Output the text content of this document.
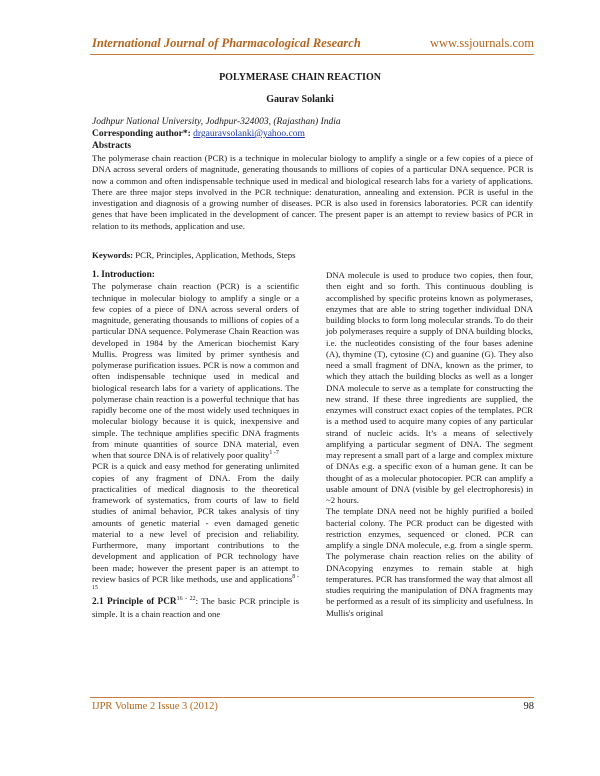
International Journal of Pharmacological Research	www.ssjournals.com
POLYMERASE CHAIN REACTION
Gaurav Solanki
Jodhpur National University, Jodhpur-324003, (Rajasthan) India
Corresponding author*: drgauravsolanki@yahoo.com
Abstracts
The polymerase chain reaction (PCR) is a technique in molecular biology to amplify a single or a few copies of a piece of DNA across several orders of magnitude, generating thousands to millions of copies of a particular DNA sequence. PCR is now a common and often indispensable technique used in medical and biological research labs for a variety of applications. There are three major steps involved in the PCR technique: denaturation, annealing and extension. PCR is useful in the investigation and diagnosis of a growing number of diseases. PCR is also used in forensics laboratories. PCR can identify genes that have been implicated in the development of cancer. The present paper is an attempt to review basics of PCR in relation to its methods, application and use.
Keywords: PCR, Principles, Application, Methods, Steps
1. Introduction:

The polymerase chain reaction (PCR) is a scientific technique in molecular biology to amplify a single or a few copies of a piece of DNA across several orders of magnitude, generating thousands to millions of copies of a particular DNA sequence. Polymerase Chain Reaction was developed in 1984 by the American biochemist Kary Mullis. Progress was limited by primer synthesis and polymerase purification issues. PCR is now a common and often indispensable technique used in medical and biological research labs for a variety of applications. The polymerase chain reaction is a powerful technique that has rapidly become one of the most widely used techniques in molecular biology because it is quick, inexpensive and simple. The technique amplifies specific DNA fragments from minute quantities of source DNA material, even when that source DNA is of relatively poor quality$^{1 -7}$

PCR is a quick and easy method for generating unlimited copies of any fragment of DNA. From the daily practicalities of medical diagnosis to the theoretical framework of systematics, from courts of law to field studies of animal behavior, PCR takes analysis of tiny amounts of genetic material - even damaged genetic material to a new level of precision and reliability. Furthermore, many important contributions to the development and application of PCR technology have been made; however the present paper is an attempt to review basics of PCR like methods, use and applications$^{8 - 15}$

2.1 Principle of PCR$^{16 - 22}$: The basic PCR principle is simple. It is a chain reaction and one

DNA molecule is used to produce two copies, then four, then eight and so forth. This continuous doubling is accomplished by specific proteins known as polymerases, enzymes that are able to string together individual DNA building blocks to form long molecular strands. To do their job polymerases require a supply of DNA building blocks, i.e. the nucleotides consisting of the four bases adenine (A), thymine (T), cytosine (C) and guanine (G). They also need a small fragment of DNA, known as the primer, to which they attach the building blocks as well as a longer DNA molecule to serve as a template for constructing the new strand. If these three ingredients are supplied, the enzymes will construct exact copies of the templates. PCR is a method used to acquire many copies of any particular strand of nucleic acids. It’s a means of selectively amplifying a particular segment of DNA. The segment may represent a small part of a large and complex mixture of DNAs e.g. a specific exon of a human gene. It can be thought of as a molecular photocopier. PCR can amplify a usable amount of DNA (visible by gel electrophoresis) in ~2 hours.

The template DNA need not be highly purified a boiled bacterial colony. The PCR product can be digested with restriction enzymes, sequenced or cloned. PCR can amplify a single DNA molecule, e.g. from a single sperm. The polymerase chain reaction relies on the ability of DNAcopying enzymes to remain stable at high temperatures. PCR has transformed the way that almost all studies requiring the manipulation of DNA fragments may be performed as a result of its simplicity and usefulness. In Mullis's original

IJPR Volume 2 Issue 3 (2012)	98
